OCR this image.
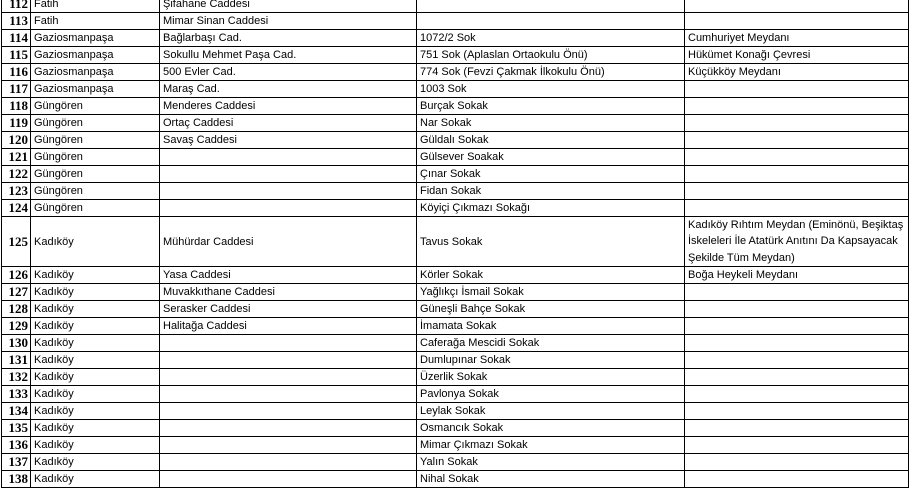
112	Fatih	Şifahane Caddesi		
113	Fatih	Mimar Sinan Caddesi		
114	Gaziosmanpaşa	Bağlarbaşı Cad.	1072/2 Sok	Cumhuriyet Meydanı
115	Gaziosmanpaşa	Sokullu Mehmet Paşa Cad.	751 Sok (Aplaslan Ortaokulu Önü)	Hükümet Konağı Çevresi
116	Gaziosmanpaşa	500 Evler Cad.	774 Sok (Fevzi Çakmak İlkokulu Önü)	Küçükköy Meydanı
117	Gaziosmanpaşa	Maraş Cad.	1003 Sok	
118	Güngören	Menderes Caddesi	Burçak Sokak	
119	Güngören	Ortaç Caddesi	Nar Sokak	
120	Güngören	Savaş Caddesi	Güldalı Sokak	
121	Güngören		Gülsever Soakak	
122	Güngören		Çınar Sokak	
123	Güngören		Fidan Sokak	
124	Güngören		Köyiçi Çıkmazı Sokağı	
125	Kadıköy	Mühürdar Caddesi	Tavus Sokak	Kadıköy Rıhtım Meydan (Eminönü, Beşiktaş İskeleleri İle Atatürk Anıtını Da Kapsayacak Şekilde Tüm Meydan)
126	Kadıköy	Yasa Caddesi	Körler Sokak	Boğa Heykeli Meydanı
127	Kadıköy	Muvakkıthane Caddesi	Yağlıkçı İsmail Sokak	
128	Kadıköy	Serasker Caddesi	Güneşli Bahçe Sokak	
129	Kadıköy	Halitağa Caddesi	İmamata Sokak	
130	Kadıköy		Caferağa Mescidi Sokak	
131	Kadıköy		Dumlupınar Sokak	
132	Kadıköy		Üzerlik Sokak	
133	Kadıköy		Pavlonya Sokak	
134	Kadıköy		Leylak Sokak	
135	Kadıköy		Osmancık Sokak	
136	Kadıköy		Mimar Çıkmazı Sokak	
137	Kadıköy		Yalın Sokak	
138	Kadıköy		Nihal Sokak	
